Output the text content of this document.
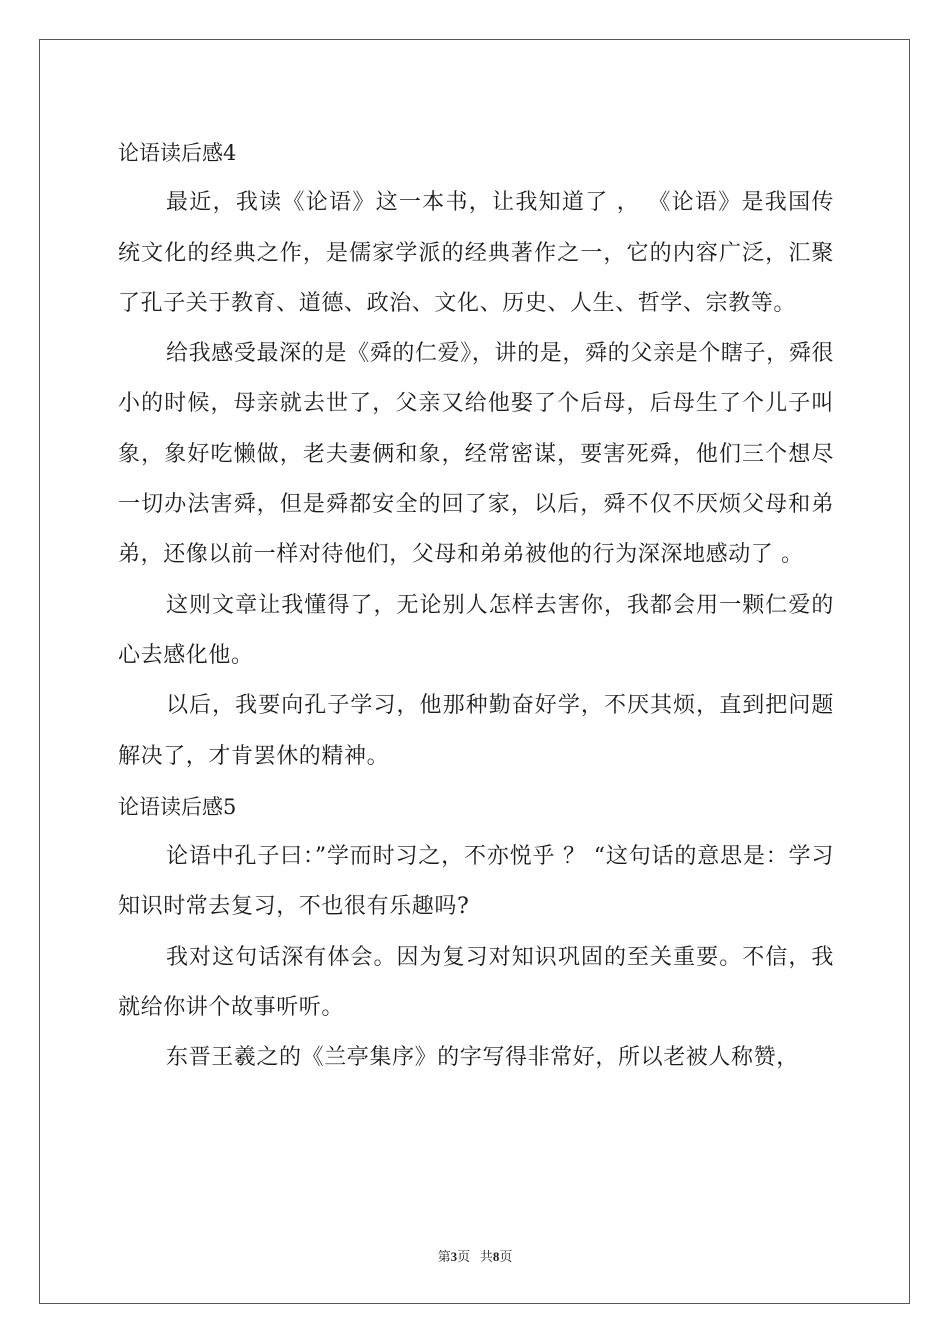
论语读后感4

最近，我读《论语》这一本书，让我知道了 ， 《论语》是我国传统文化的经典之作，是儒家学派的经典著作之一，它的内容广泛，汇聚了孔子关于教育、道德、政治、文化、历史、人生、哲学、宗教等。

给我感受最深的是《舜的仁爱》，讲的是，舜的父亲是个瞎子，舜很小的时候，母亲就去世了，父亲又给他娶了个后母，后母生了个儿子叫象，象好吃懒做，老夫妻俩和象，经常密谋，要害死舜，他们三个想尽一切办法害舜，但是舜都安全的回了家，以后，舜不仅不厌烦父母和弟弟，还像以前一样对待他们，父母和弟弟被他的行为深深地感动了 。

这则文章让我懂得了，无论别人怎样去害你，我都会用一颗仁爱的心去感化他。

以后，我要向孔子学习，他那种勤奋好学，不厌其烦，直到把问题解决了，才肯罢休的精神。

论语读后感5

论语中孔子曰：”学而时习之，不亦悦乎 ？ “这句话的意思是：学习知识时常去复习，不也很有乐趣吗?

我对这句话深有体会。因为复习对知识巩固的至关重要。不信，我就给你讲个故事听听。

东晋王羲之的《兰亭集序》的字写得非常好，所以老被人称赞，

第3页 共8页
